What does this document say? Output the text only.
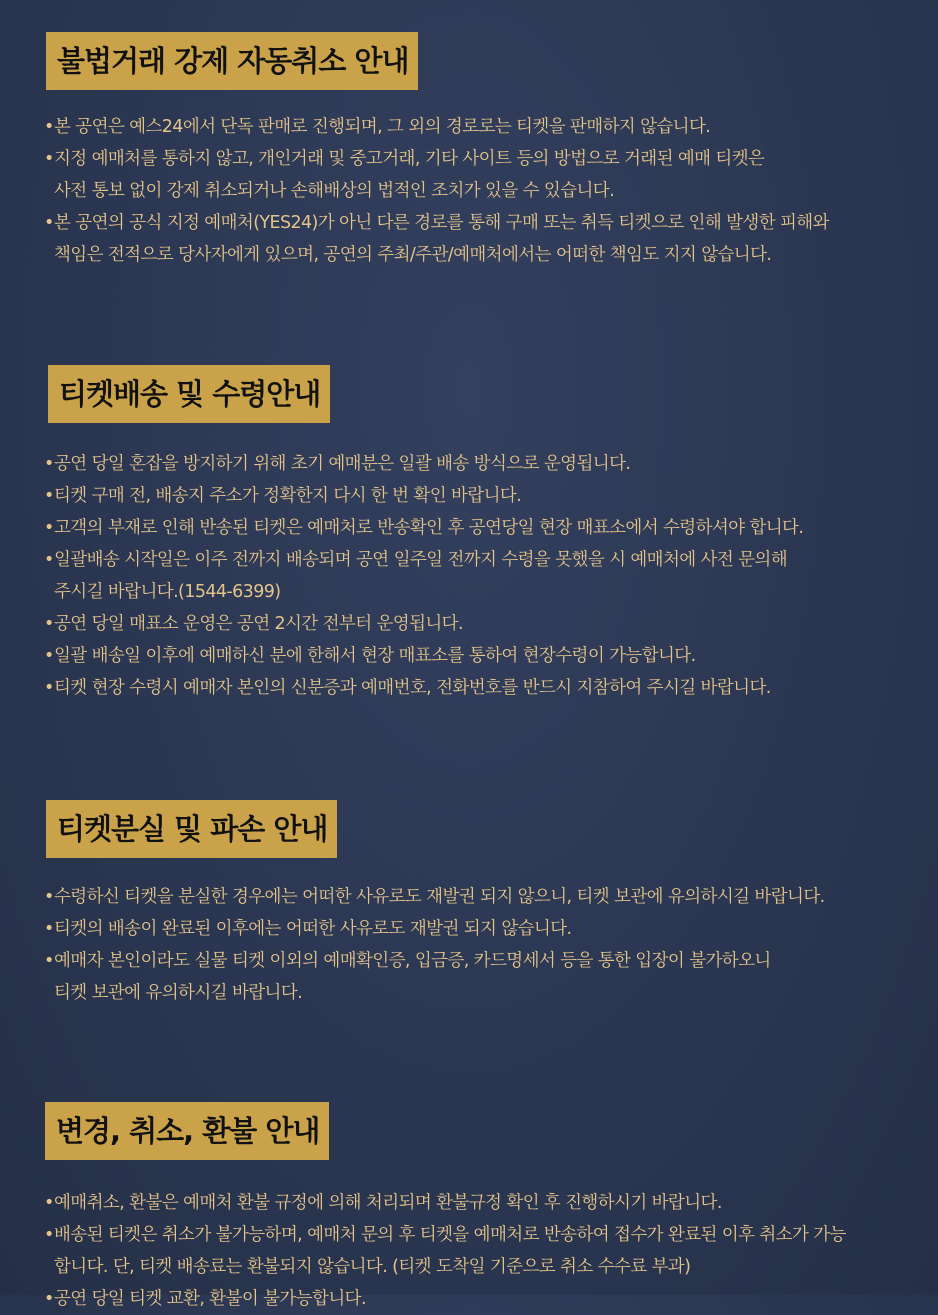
불법거래 강제 자동취소 안내
•본 공연은 예스24에서 단독 판매로 진행되며, 그 외의 경로로는 티켓을 판매하지 않습니다.
•지정 예매처를 통하지 않고, 개인거래 및 중고거래, 기타 사이트 등의 방법으로 거래된 예매 티켓은
사전 통보 없이 강제 취소되거나 손해배상의 법적인 조치가 있을 수 있습니다.
•본 공연의 공식 지정 예매처(YES24)가 아닌 다른 경로를 통해 구매 또는 취득 티켓으로 인해 발생한 피해와
책임은 전적으로 당사자에게 있으며, 공연의 주최/주관/예매처에서는 어떠한 책임도 지지 않습니다.
티켓배송 및 수령안내
•공연 당일 혼잡을 방지하기 위해 초기 예매분은 일괄 배송 방식으로 운영됩니다.
•티켓 구매 전, 배송지 주소가 정확한지 다시 한 번 확인 바랍니다.
•고객의 부재로 인해 반송된 티켓은 예매처로 반송확인 후 공연당일 현장 매표소에서 수령하셔야 합니다.
•일괄배송 시작일은 이주 전까지 배송되며 공연 일주일 전까지 수령을 못했을 시 예매처에 사전 문의해
주시길 바랍니다.(1544-6399)
•공연 당일 매표소 운영은 공연 2시간 전부터 운영됩니다.
•일괄 배송일 이후에 예매하신 분에 한해서 현장 매표소를 통하여 현장수령이 가능합니다.
•티켓 현장 수령시 예매자 본인의 신분증과 예매번호, 전화번호를 반드시 지참하여 주시길 바랍니다.
티켓분실 및 파손 안내
•수령하신 티켓을 분실한 경우에는 어떠한 사유로도 재발권 되지 않으니, 티켓 보관에 유의하시길 바랍니다.
•티켓의 배송이 완료된 이후에는 어떠한 사유로도 재발권 되지 않습니다.
•예매자 본인이라도 실물 티켓 이외의 예매확인증, 입금증, 카드명세서 등을 통한 입장이 불가하오니
티켓 보관에 유의하시길 바랍니다.
변경, 취소, 환불 안내
•예매취소, 환불은 예매처 환불 규정에 의해 처리되며 환불규정 확인 후 진행하시기 바랍니다.
•배송된 티켓은 취소가 불가능하며, 예매처 문의 후 티켓을 예매처로 반송하여 접수가 완료된 이후 취소가 가능
합니다. 단, 티켓 배송료는 환불되지 않습니다. (티켓 도착일 기준으로 취소 수수료 부과)
•공연 당일 티켓 교환, 환불이 불가능합니다.
